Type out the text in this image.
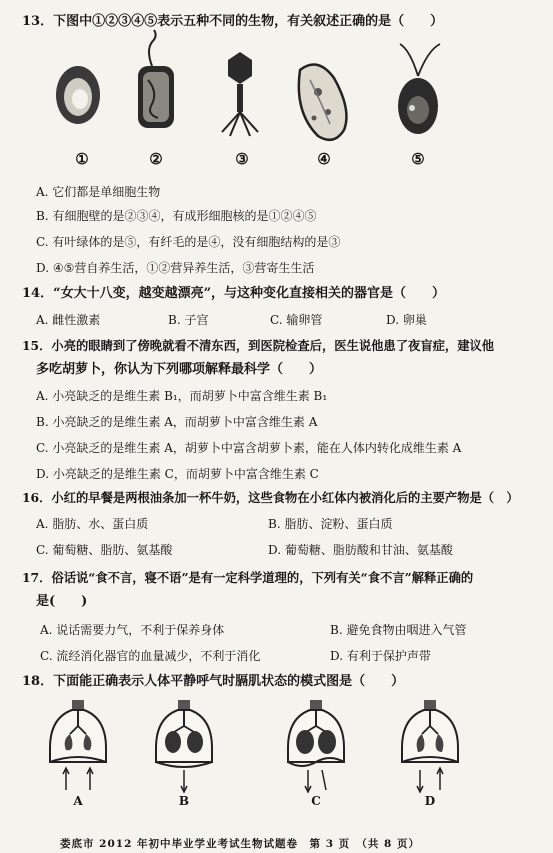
13．下图中①②③④⑤表示五种不同的生物，有关叙述正确的是（　　）
①	②	③	④	⑤
A. 它们都是单细胞生物
B. 有细胞壁的是②③④，有成形细胞核的是①②④⑤
C. 有叶绿体的是⑤，有纤毛的是④，没有细胞结构的是③
D. ④⑤营自养生活，①②营异养生活，③营寄生生活
14．“女大十八变，越变越漂亮”，与这种变化直接相关的器官是（　　）
A. 雌性激素	B. 子宫	C. 输卵管	D. 卵巢
15．小亮的眼睛到了傍晚就看不清东西，到医院检查后，医生说他患了夜盲症，建议他
多吃胡萝卜，你认为下列哪项解释最科学（　　）
A. 小亮缺乏的是维生素 B₁，而胡萝卜中富含维生素 B₁
B. 小亮缺乏的是维生素 A，而胡萝卜中富含维生素 A
C. 小亮缺乏的是维生素 A，胡萝卜中富含胡萝卜素，能在人体内转化成维生素 A
D. 小亮缺乏的是维生素 C，而胡萝卜中富含维生素 C
16．小红的早餐是两根油条加一杯牛奶，这些食物在小红体内被消化后的主要产物是（　）
A. 脂肪、水、蛋白质	B. 脂肪、淀粉、蛋白质
C. 葡萄糖、脂肪、氨基酸	D. 葡萄糖、脂肪酸和甘油、氨基酸
17．俗话说“食不言，寝不语”是有一定科学道理的，下列有关“食不言”解释正确的
是(　　)
A. 说话需要力气，不利于保养身体	B. 避免食物由咽进入气管
C. 流经消化器官的血量减少，不利于消化	D. 有利于保护声带
18．下面能正确表示人体平静呼气时膈肌状态的模式图是（　　）
A	B	C	D
娄底市 2012 年初中毕业学业考试生物试题卷　第 3 页　（共 8 页）
